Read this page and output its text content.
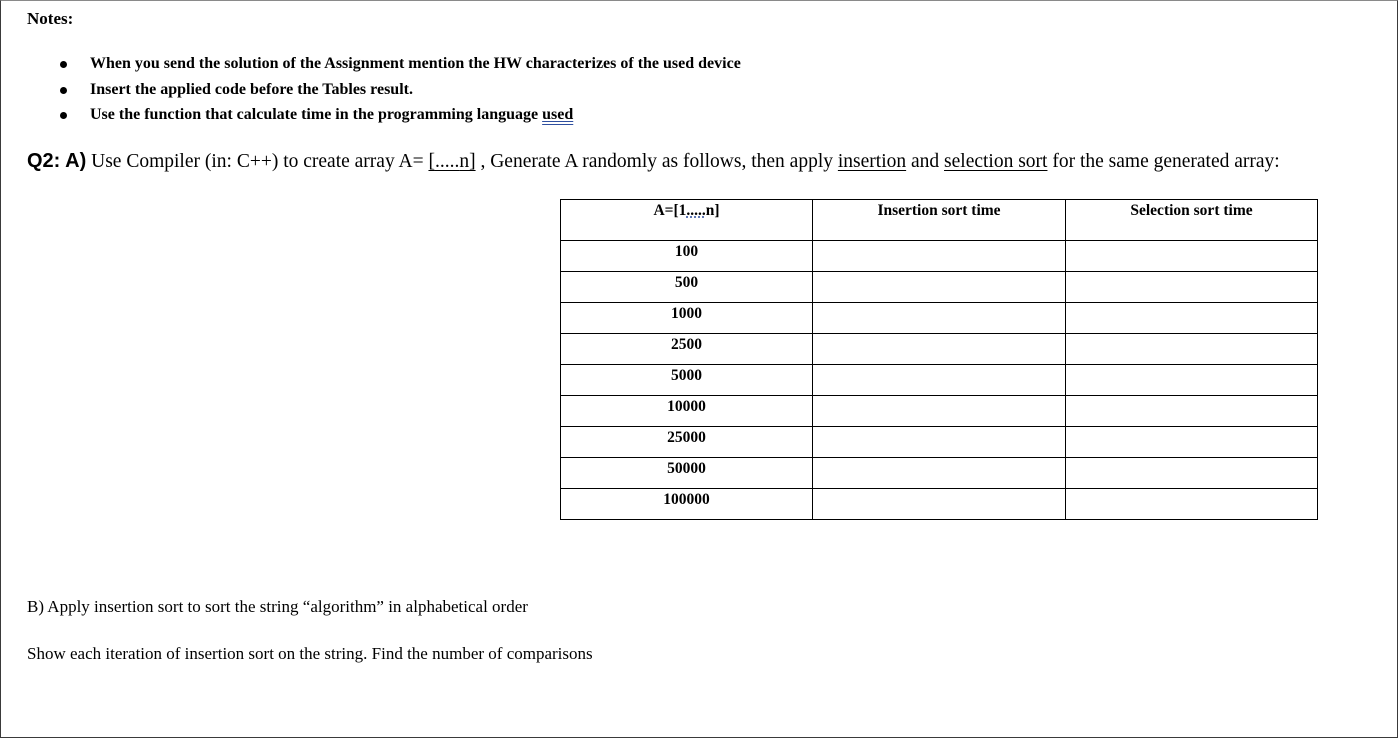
Notes:
When you send the solution of the Assignment mention the HW characterizes of the used device
Insert the applied code before the Tables result.
Use the function that calculate time in the programming language used
Q2: A) Use Compiler (in: C++) to create array A= [.....n] , Generate A randomly as follows, then apply insertion and selection sort for the same generated array:
A=[1.....n]	Insertion sort time	Selection sort time
100		
500		
1000		
2500		
5000		
10000		
25000		
50000		
100000		
B) Apply insertion sort to sort the string “algorithm” in alphabetical order
Show each iteration of insertion sort on the string. Find the number of comparisons
